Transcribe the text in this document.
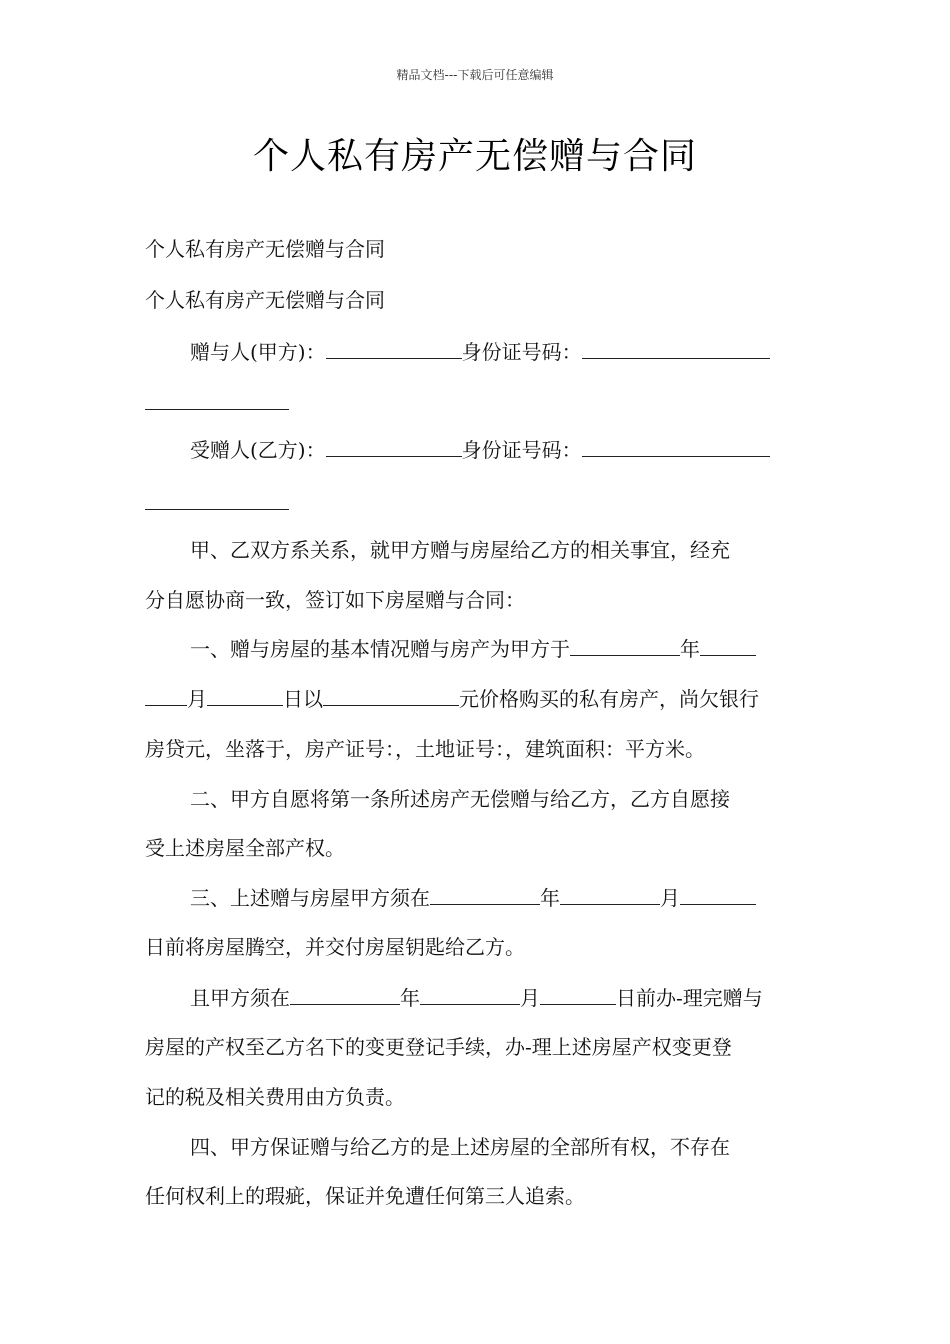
精品文档---下载后可任意编辑
个人私有房产无偿赠与合同
个人私有房产无偿赠与合同
个人私有房产无偿赠与合同
赠与人(甲方)：	身份证号码：
受赠人(乙方)：	身份证号码：
甲、乙双方系关系，就甲方赠与房屋给乙方的相关事宜，经充
分自愿协商一致，签订如下房屋赠与合同：
一、赠与房屋的基本情况赠与房产为甲方于	年
月	日以	元价格购买的私有房产，尚欠银行
房贷元，坐落于，房产证号：，土地证号：，建筑面积：平方米。
二、甲方自愿将第一条所述房产无偿赠与给乙方，乙方自愿接
受上述房屋全部产权。
三、上述赠与房屋甲方须在	年	月
日前将房屋腾空，并交付房屋钥匙给乙方。
且甲方须在	年	月	日前办-理完赠与
房屋的产权至乙方名下的变更登记手续，办-理上述房屋产权变更登
记的税及相关费用由方负责。
四、甲方保证赠与给乙方的是上述房屋的全部所有权，不存在
任何权利上的瑕疵，保证并免遭任何第三人追索。
